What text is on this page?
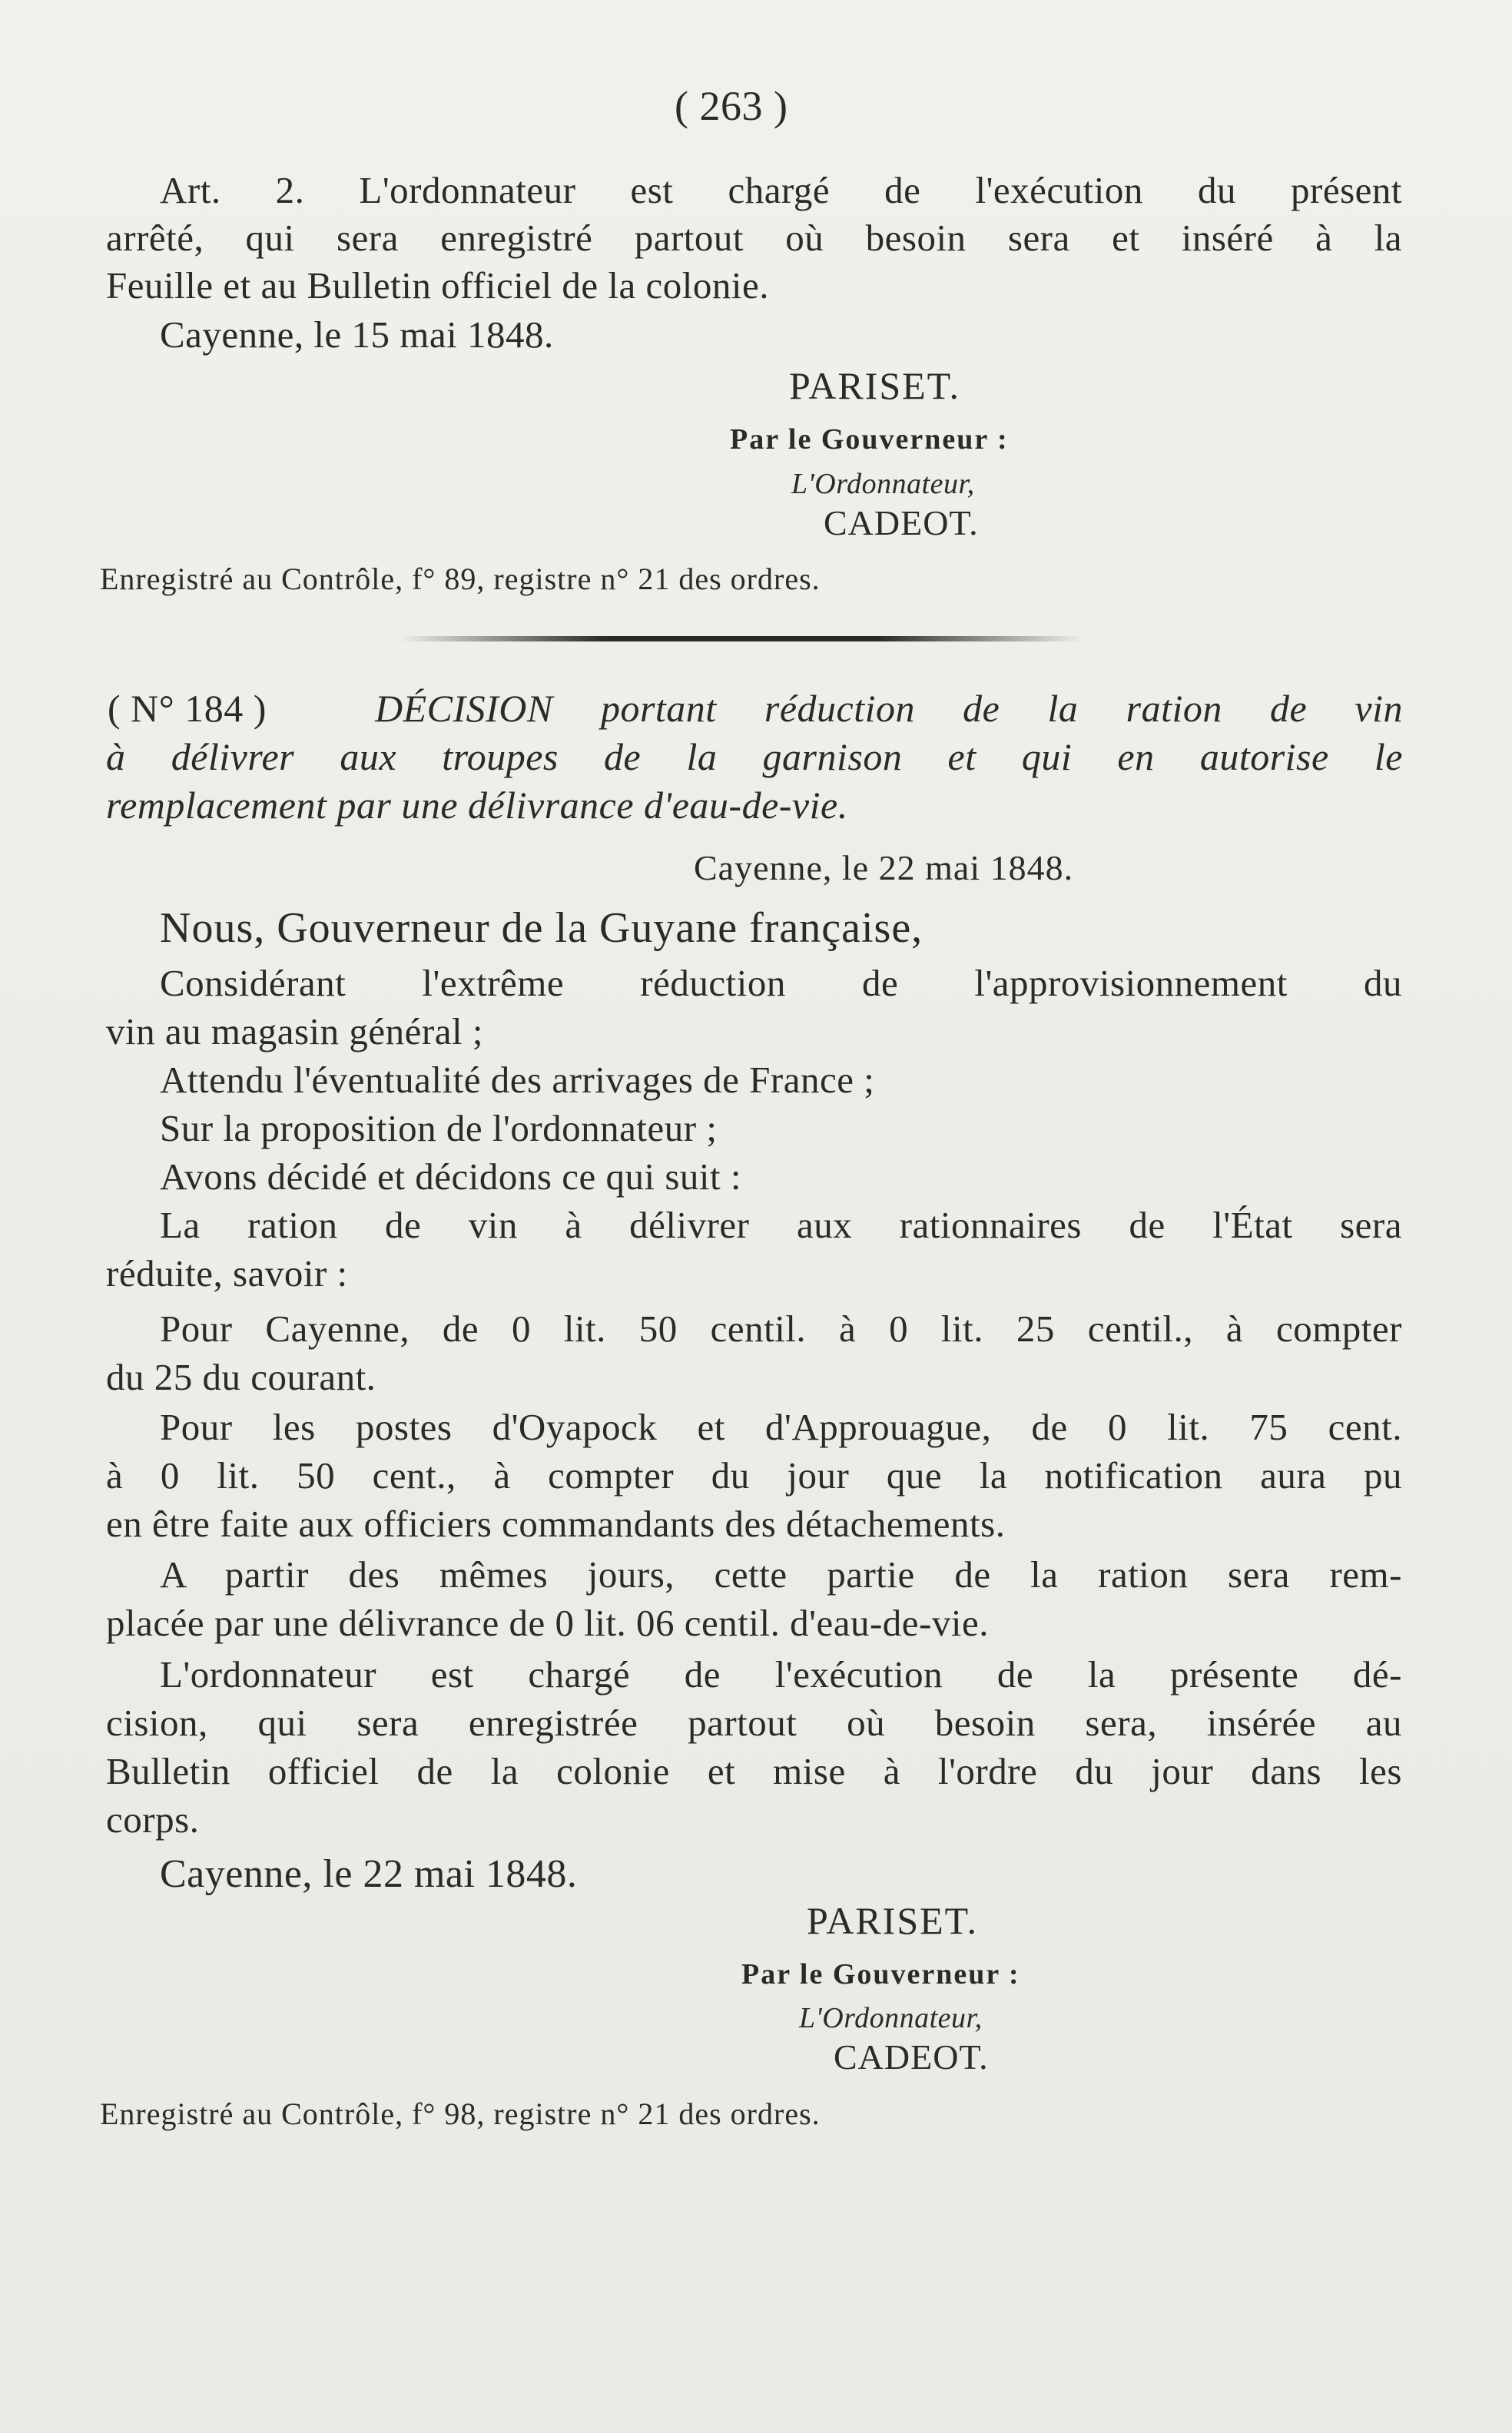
( 263 )
Art. 2. L'ordonnateur est chargé de l'exécution du présent
arrêté, qui sera enregistré partout où besoin sera et inséré à la
Feuille et au Bulletin officiel de la colonie.
Cayenne, le 15 mai 1848.
PARISET.
Par le Gouverneur :
L'Ordonnateur,
CADEOT.
Enregistré au Contrôle, f° 89, registre n° 21 des ordres.
( N° 184 )	DÉCISION portant réduction de la ration de vin
à délivrer aux troupes de la garnison et qui en autorise le
remplacement par une délivrance d'eau-de-vie.
Cayenne, le 22 mai 1848.
Nous, Gouverneur de la Guyane française,
Considérant l'extrême réduction de l'approvisionnement du
vin au magasin général ;
Attendu l'éventualité des arrivages de France ;
Sur la proposition de l'ordonnateur ;
Avons décidé et décidons ce qui suit :
La ration de vin à délivrer aux rationnaires de l'État sera
réduite, savoir :
Pour Cayenne, de 0 lit. 50 centil. à 0 lit. 25 centil., à compter
du 25 du courant.
Pour les postes d'Oyapock et d'Approuague, de 0 lit. 75 cent.
à 0 lit. 50 cent., à compter du jour que la notification aura pu
en être faite aux officiers commandants des détachements.
A partir des mêmes jours, cette partie de la ration sera rem-
placée par une délivrance de 0 lit. 06 centil. d'eau-de-vie.
L'ordonnateur est chargé de l'exécution de la présente dé-
cision, qui sera enregistrée partout où besoin sera, insérée au
Bulletin officiel de la colonie et mise à l'ordre du jour dans les
corps.
Cayenne, le 22 mai 1848.
PARISET.
Par le Gouverneur :
L'Ordonnateur,
CADEOT.
Enregistré au Contrôle, f° 98, registre n° 21 des ordres.
